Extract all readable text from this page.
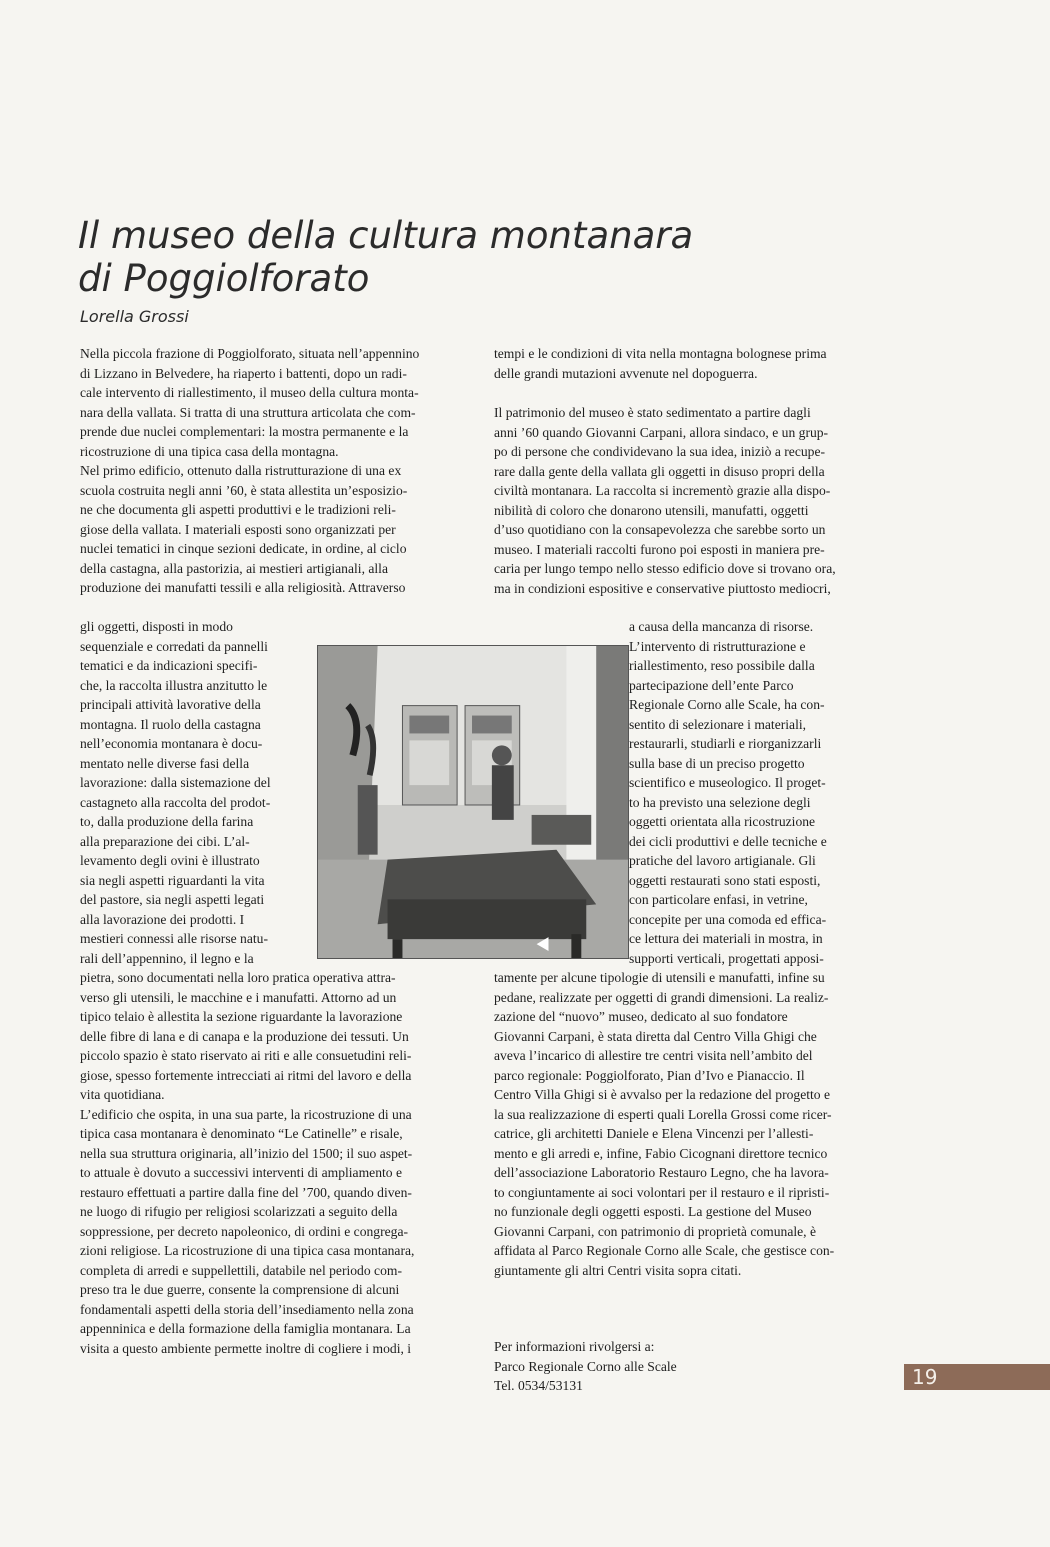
Il museo della cultura montanara
di Poggiolforato
Lorella Grossi

Nella piccola frazione di Poggiolforato, situata nell’appennino

di Lizzano in Belvedere, ha riaperto i battenti, dopo un radi-

cale intervento di riallestimento, il museo della cultura monta-

nara della vallata. Si tratta di una struttura articolata che com-

prende due nuclei complementari: la mostra permanente e la

ricostruzione di una tipica casa della montagna.

Nel primo edificio, ottenuto dalla ristrutturazione di una ex

scuola costruita negli anni ’60, è stata allestita un’esposizio-

ne che documenta gli aspetti produttivi e le tradizioni reli-

giose della vallata. I materiali esposti sono organizzati per

nuclei tematici in cinque sezioni dedicate, in ordine, al ciclo

della castagna, alla pastorizia, ai mestieri artigianali, alla

produzione dei manufatti tessili e alla religiosità. Attraverso

gli oggetti, disposti in modo

sequenziale e corredati da pannelli

tematici e da indicazioni specifi-

che, la raccolta illustra anzitutto le

principali attività lavorative della

montagna. Il ruolo della castagna

nell’economia montanara è docu-

mentato nelle diverse fasi della

lavorazione: dalla sistemazione del

castagneto alla raccolta del prodot-

to, dalla produzione della farina

alla preparazione dei cibi. L’al-

levamento degli ovini è illustrato

sia negli aspetti riguardanti la vita

del pastore, sia negli aspetti legati

alla lavorazione dei prodotti. I

mestieri connessi alle risorse natu-

rali dell’appennino, il legno e la

pietra, sono documentati nella loro pratica operativa attra-

verso gli utensili, le macchine e i manufatti. Attorno ad un

tipico telaio è allestita la sezione riguardante la lavorazione

delle fibre di lana e di canapa e la produzione dei tessuti. Un

piccolo spazio è stato riservato ai riti e alle consuetudini reli-

giose, spesso fortemente intrecciati ai ritmi del lavoro e della

vita quotidiana.

L’edificio che ospita, in una sua parte, la ricostruzione di una

tipica casa montanara è denominato “Le Catinelle” e risale,

nella sua struttura originaria, all’inizio del 1500; il suo aspet-

to attuale è dovuto a successivi interventi di ampliamento e

restauro effettuati a partire dalla fine del ’700, quando diven-

ne luogo di rifugio per religiosi scolarizzati a seguito della

soppressione, per decreto napoleonico, di ordini e congrega-

zioni religiose. La ricostruzione di una tipica casa montanara,

completa di arredi e suppellettili, databile nel periodo com-

preso tra le due guerre, consente la comprensione di alcuni

fondamentali aspetti della storia dell’insediamento nella zona

appenninica e della formazione della famiglia montanara. La

visita a questo ambiente permette inoltre di cogliere i modi, i

tempi e le condizioni di vita nella montagna bolognese prima

delle grandi mutazioni avvenute nel dopoguerra.

Il patrimonio del museo è stato sedimentato a partire dagli

anni ’60 quando Giovanni Carpani, allora sindaco, e un grup-

po di persone che condividevano la sua idea, iniziò a recupe-

rare dalla gente della vallata gli oggetti in disuso propri della

civiltà montanara. La raccolta si incrementò grazie alla dispo-

nibilità di coloro che donarono utensili, manufatti, oggetti

d’uso quotidiano con la consapevolezza che sarebbe sorto un

museo. I materiali raccolti furono poi esposti in maniera pre-

caria per lungo tempo nello stesso edificio dove si trovano ora,

ma in condizioni espositive e conservative piuttosto mediocri,

a causa della mancanza di risorse.

L’intervento di ristrutturazione e

riallestimento, reso possibile dalla

partecipazione dell’ente Parco

Regionale Corno alle Scale, ha con-

sentito di selezionare i materiali,

restaurarli, studiarli e riorganizzarli

sulla base di un preciso progetto

scientifico e museologico. Il proget-

to ha previsto una selezione degli

oggetti orientata alla ricostruzione

dei cicli produttivi e delle tecniche e

pratiche del lavoro artigianale. Gli

oggetti restaurati sono stati esposti,

con particolare enfasi, in vetrine,

concepite per una comoda ed effica-

ce lettura dei materiali in mostra, in

supporti verticali, progettati apposi-

tamente per alcune tipologie di utensili e manufatti, infine su

pedane, realizzate per oggetti di grandi dimensioni. La realiz-

zazione del “nuovo” museo, dedicato al suo fondatore

Giovanni Carpani, è stata diretta dal Centro Villa Ghigi che

aveva l’incarico di allestire tre centri visita nell’ambito del

parco regionale: Poggiolforato, Pian d’Ivo e Pianaccio. Il

Centro Villa Ghigi si è avvalso per la redazione del progetto e

la sua realizzazione di esperti quali Lorella Grossi come ricer-

catrice, gli architetti Daniele e Elena Vincenzi per l’allesti-

mento e gli arredi e, infine, Fabio Cicognani direttore tecnico

dell’associazione Laboratorio Restauro Legno, che ha lavora-

to congiuntamente ai soci volontari per il restauro e il ripristi-

no funzionale degli oggetti esposti. La gestione del Museo

Giovanni Carpani, con patrimonio di proprietà comunale, è

affidata al Parco Regionale Corno alle Scale, che gestisce con-

giuntamente gli altri Centri visita sopra citati.

Per informazioni rivolgersi a:

Parco Regionale Corno alle Scale

Tel. 0534/53131	19
